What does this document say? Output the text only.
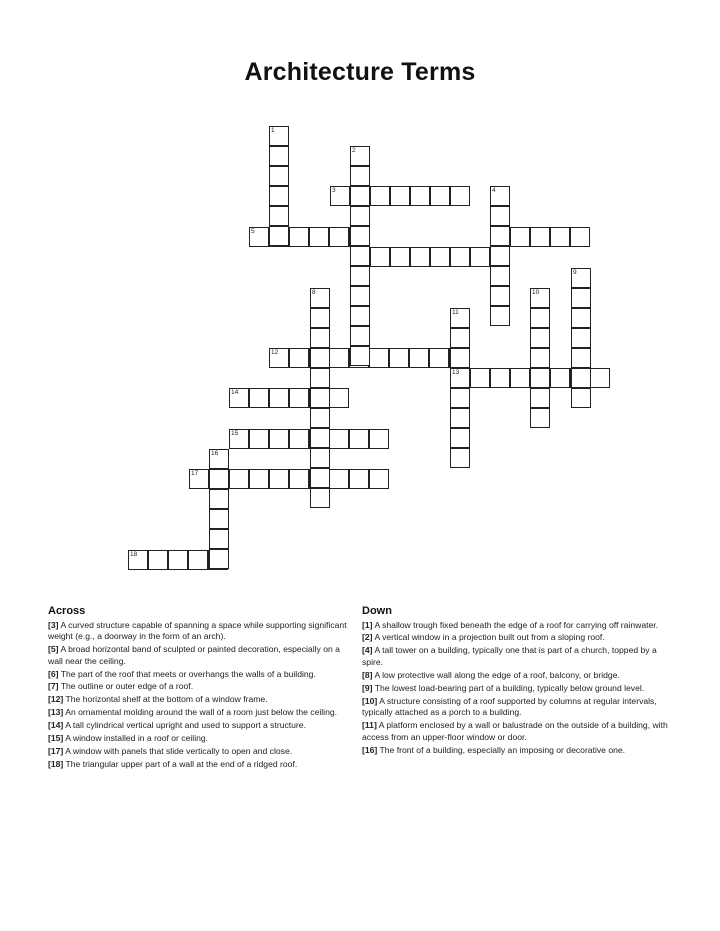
Architecture Terms
3
5
12
13
14
15
17
18
1
2
4
8	10
9
11
16
Across
[3] A curved structure capable of spanning a space while supporting significant weight (e.g., a doorway in the form of an arch).
[5] A broad horizontal band of sculpted or painted decoration, especially on a wall near the ceiling.
[6] The part of the roof that meets or overhangs the walls of a building.
[7] The outline or outer edge of a roof.
[12] The horizontal shelf at the bottom of a window frame.
[13] An ornamental molding around the wall of a room just below the ceiling.
[14] A tall cylindrical vertical upright and used to support a structure.
[15] A window installed in a roof or ceiling.
[17] A window with panels that slide vertically to open and close.
[18] The triangular upper part of a wall at the end of a ridged roof.
Down
[1] A shallow trough fixed beneath the edge of a roof for carrying off rainwater.
[2] A vertical window in a projection built out from a sloping roof.
[4] A tall tower on a building, typically one that is part of a church, topped by a spire.
[8] A low protective wall along the edge of a roof, balcony, or bridge.
[9] The lowest load-bearing part of a building, typically below ground level.
[10] A structure consisting of a roof supported by columns at regular intervals, typically attached as a porch to a building.
[11] A platform enclosed by a wall or balustrade on the outside of a building, with access from an upper-floor window or door.
[16] The front of a building, especially an imposing or decorative one.
